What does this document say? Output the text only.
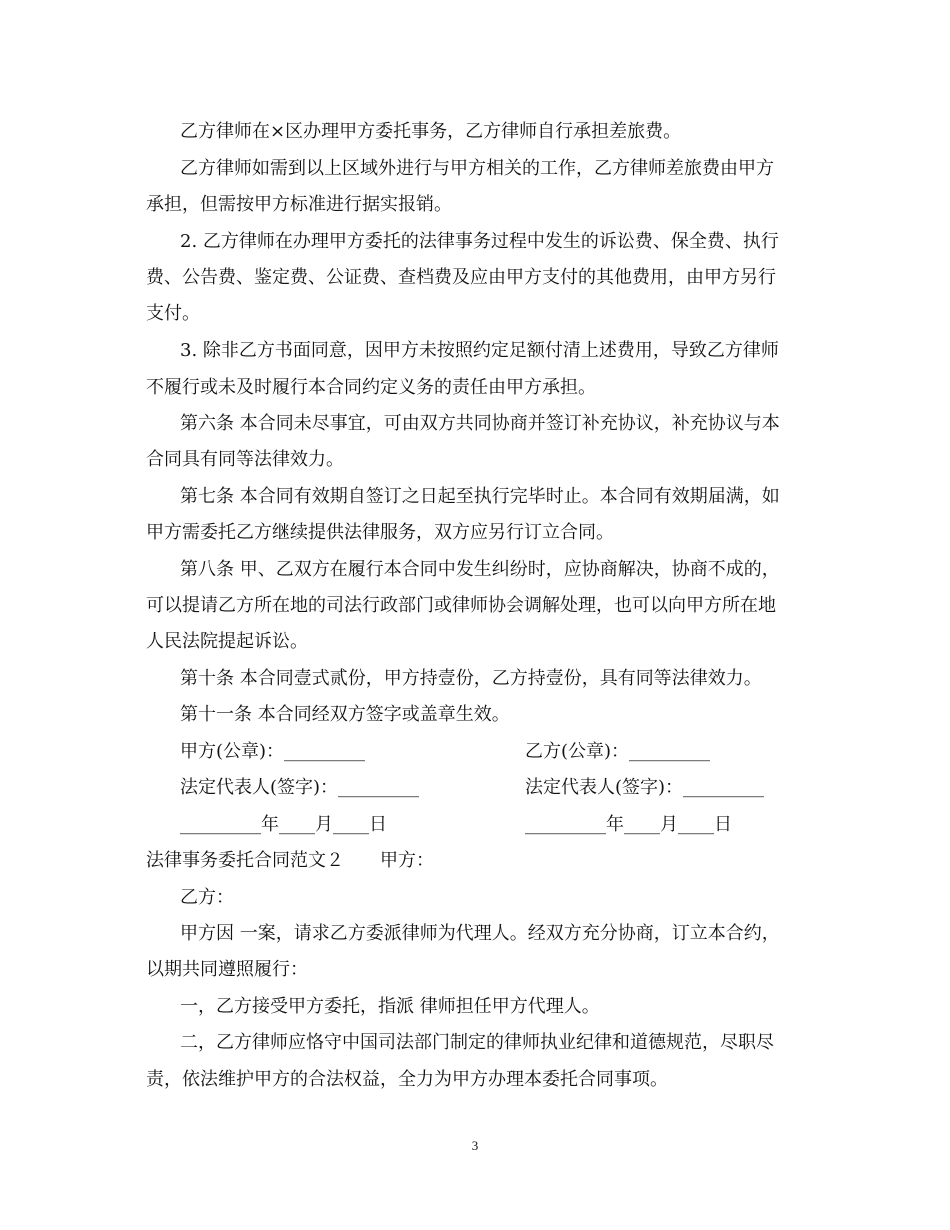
乙方律师在×区办理甲方委托事务，乙方律师自行承担差旅费。
乙方律师如需到以上区域外进行与甲方相关的工作，乙方律师差旅费由甲方
承担，但需按甲方标准进行据实报销。
2. 乙方律师在办理甲方委托的法律事务过程中发生的诉讼费、保全费、执行
费、公告费、鉴定费、公证费、查档费及应由甲方支付的其他费用，由甲方另行
支付。
3. 除非乙方书面同意，因甲方未按照约定足额付清上述费用，导致乙方律师
不履行或未及时履行本合同约定义务的责任由甲方承担。
第六条 本合同未尽事宜，可由双方共同协商并签订补充协议，补充协议与本
合同具有同等法律效力。
第七条 本合同有效期自签订之日起至执行完毕时止。本合同有效期届满，如
甲方需委托乙方继续提供法律服务，双方应另行订立合同。
第八条 甲、乙双方在履行本合同中发生纠纷时，应协商解决，协商不成的，
可以提请乙方所在地的司法行政部门或律师协会调解处理，也可以向甲方所在地
人民法院提起诉讼。
第十条 本合同壹式贰份，甲方持壹份，乙方持壹份，具有同等法律效力。
第十一条 本合同经双方签字或盖章生效。
甲方(公章)：_________	乙方(公章)：_________
法定代表人(签字)：_________	法定代表人(签字)：_________
_________年____月____日	_________年____月____日
法律事务委托合同范文２　　甲方：
乙方：
甲方因 一案，请求乙方委派律师为代理人。经双方充分协商，订立本合约，
以期共同遵照履行：
一，乙方接受甲方委托，指派 律师担任甲方代理人。
二，乙方律师应恪守中国司法部门制定的律师执业纪律和道德规范，尽职尽
责，依法维护甲方的合法权益，全力为甲方办理本委托合同事项。
3
